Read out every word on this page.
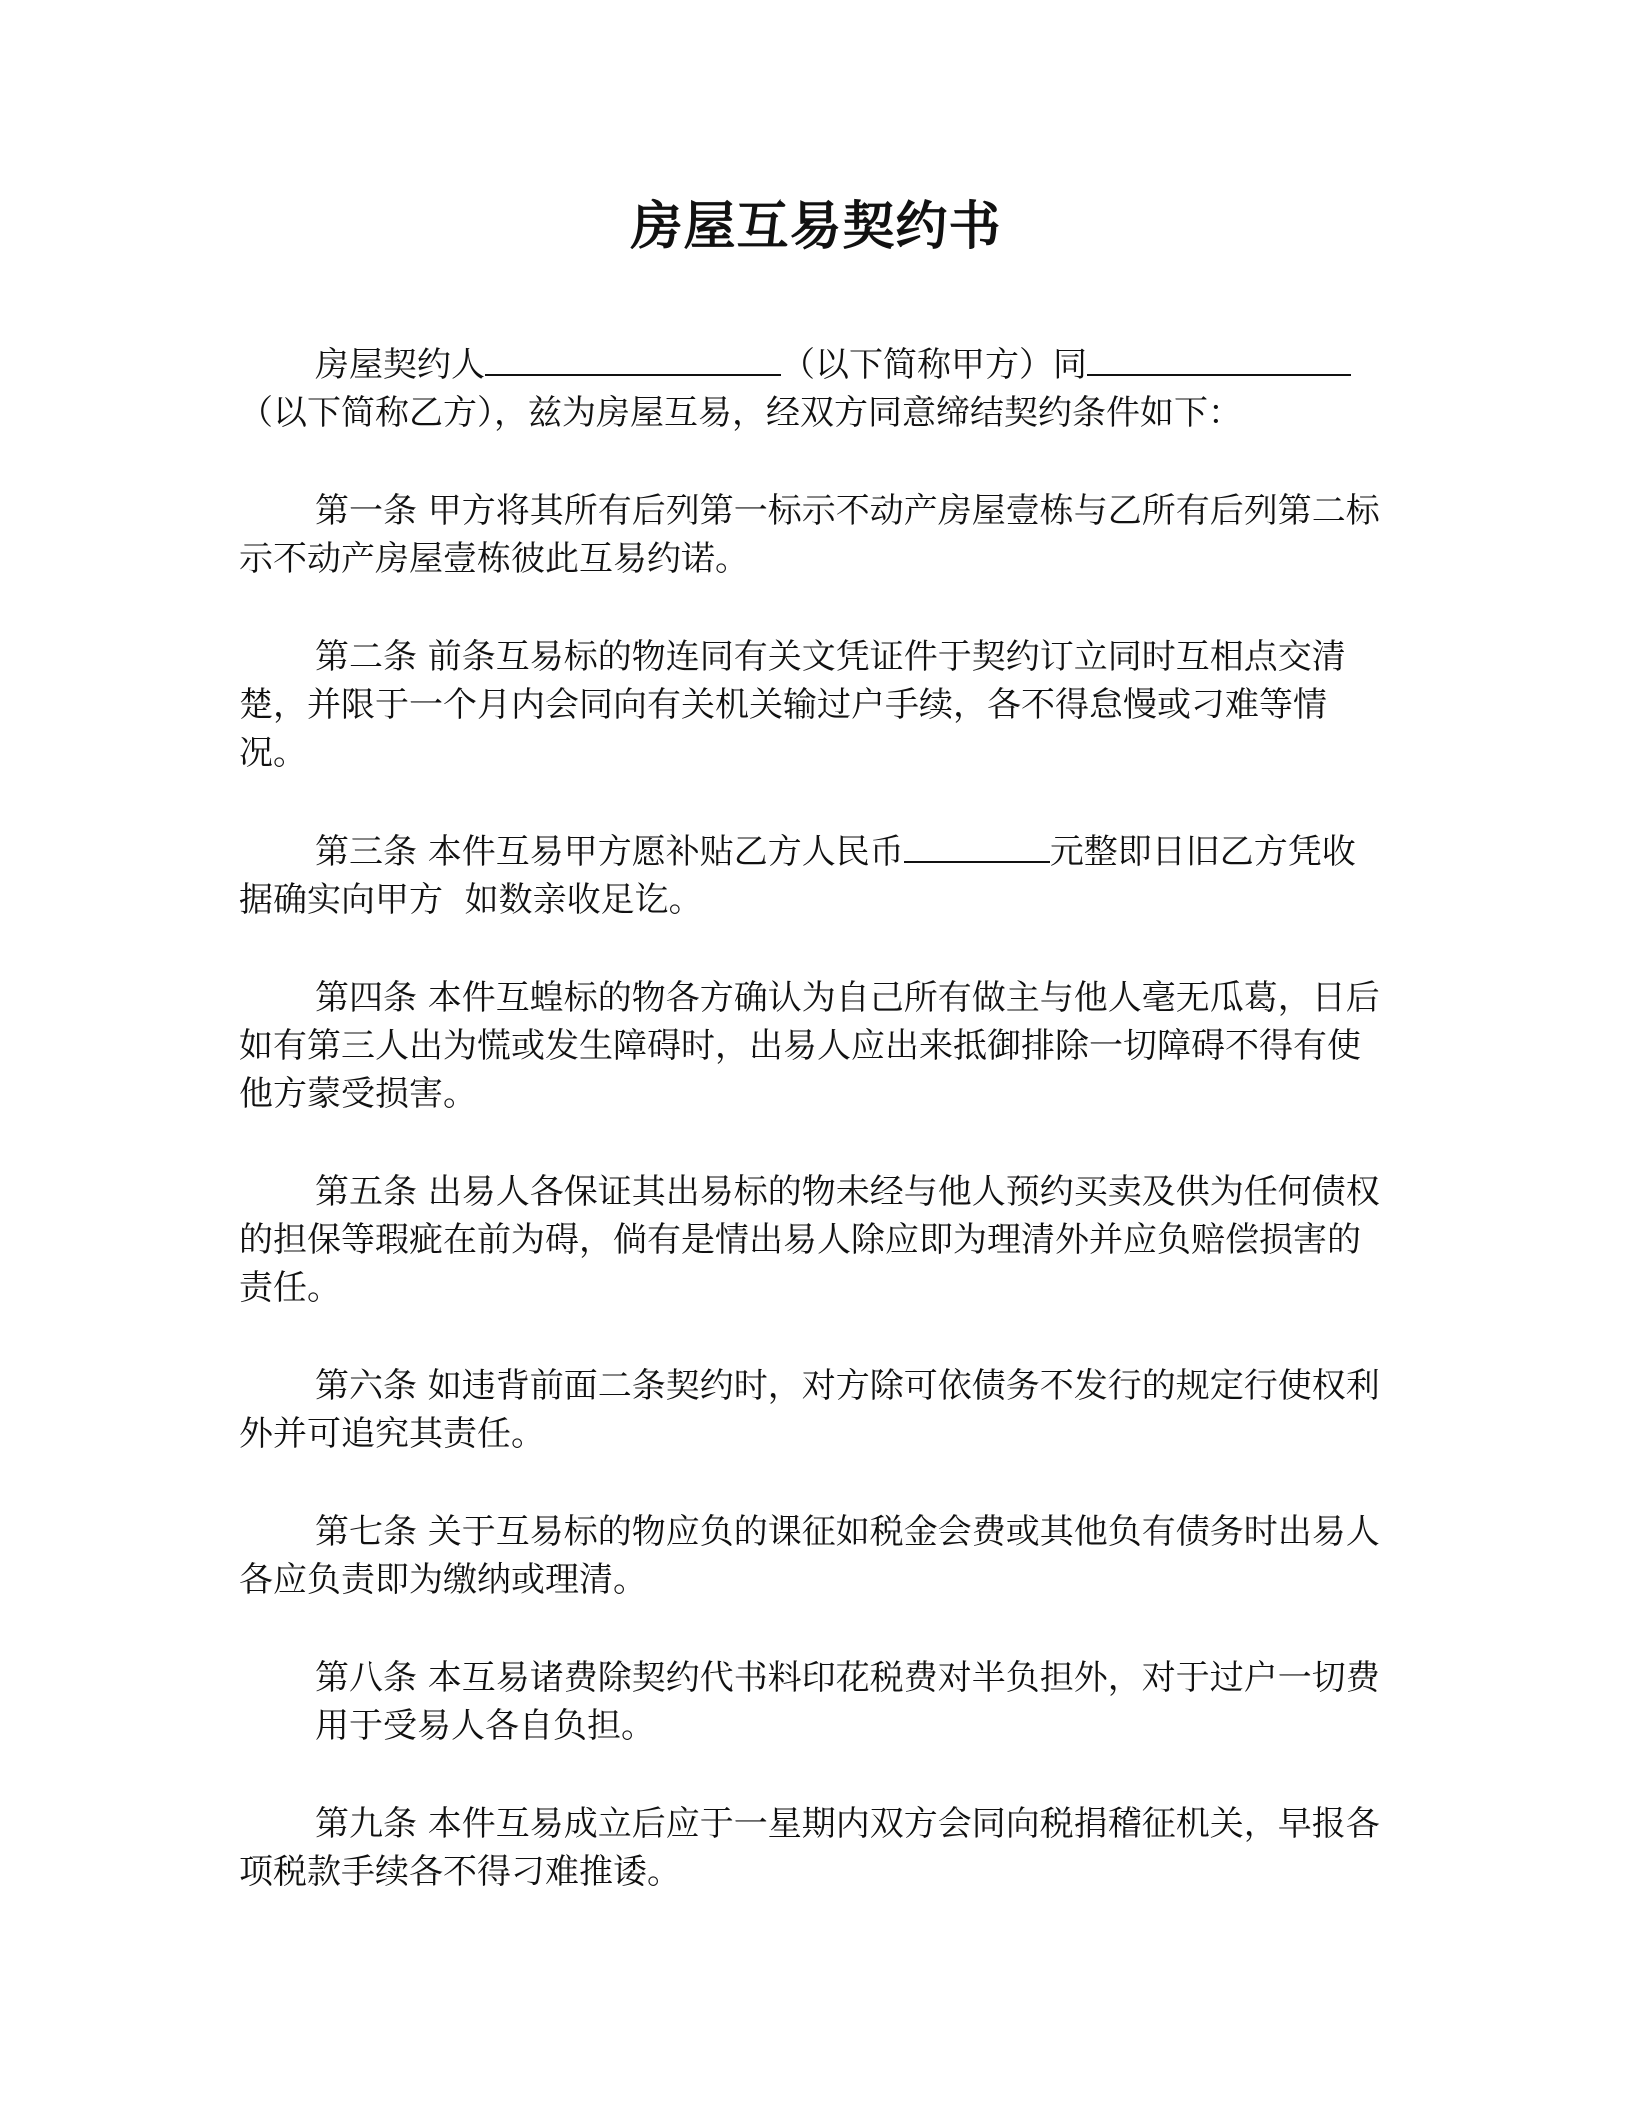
房屋互易契约书

房屋契约人	（以下简称甲方）同（以下简称乙方），兹为房屋互易，经双方同意缔结契约条件如下：

第一条 甲方将其所有后列第一标示不动产房屋壹栋与乙所有后列第二标示不动产房屋壹栋彼此互易约诺。

第二条 前条互易标的物连同有关文凭证件于契约订立同时互相点交清楚，并限于一个月内会同向有关机关输过户手续，各不得怠慢或刁难等情况。

第三条 本件互易甲方愿补贴乙方人民币	元整即日旧乙方凭收据确实向甲方  如数亲收足讫。

第四条 本件互蝗标的物各方确认为自己所有做主与他人毫无瓜葛，日后如有第三人出为慌或发生障碍时，出易人应出来抵御排除一切障碍不得有使他方蒙受损害。

第五条 出易人各保证其出易标的物未经与他人预约买卖及供为任何债权的担保等瑕疵在前为碍，倘有是情出易人除应即为理清外并应负赔偿损害的责任。

第六条 如违背前面二条契约时，对方除可依债务不发行的规定行使权利外并可追究其责任。

第七条 关于互易标的物应负的课征如税金会费或其他负有债务时出易人各应负责即为缴纳或理清。

第八条 本互易诸费除契约代书料印花税费对半负担外，对于过户一切费用于受易人各自负担。

第九条 本件互易成立后应于一星期内双方会同向税捐稽征机关，早报各项税款手续各不得刁难推诿。
